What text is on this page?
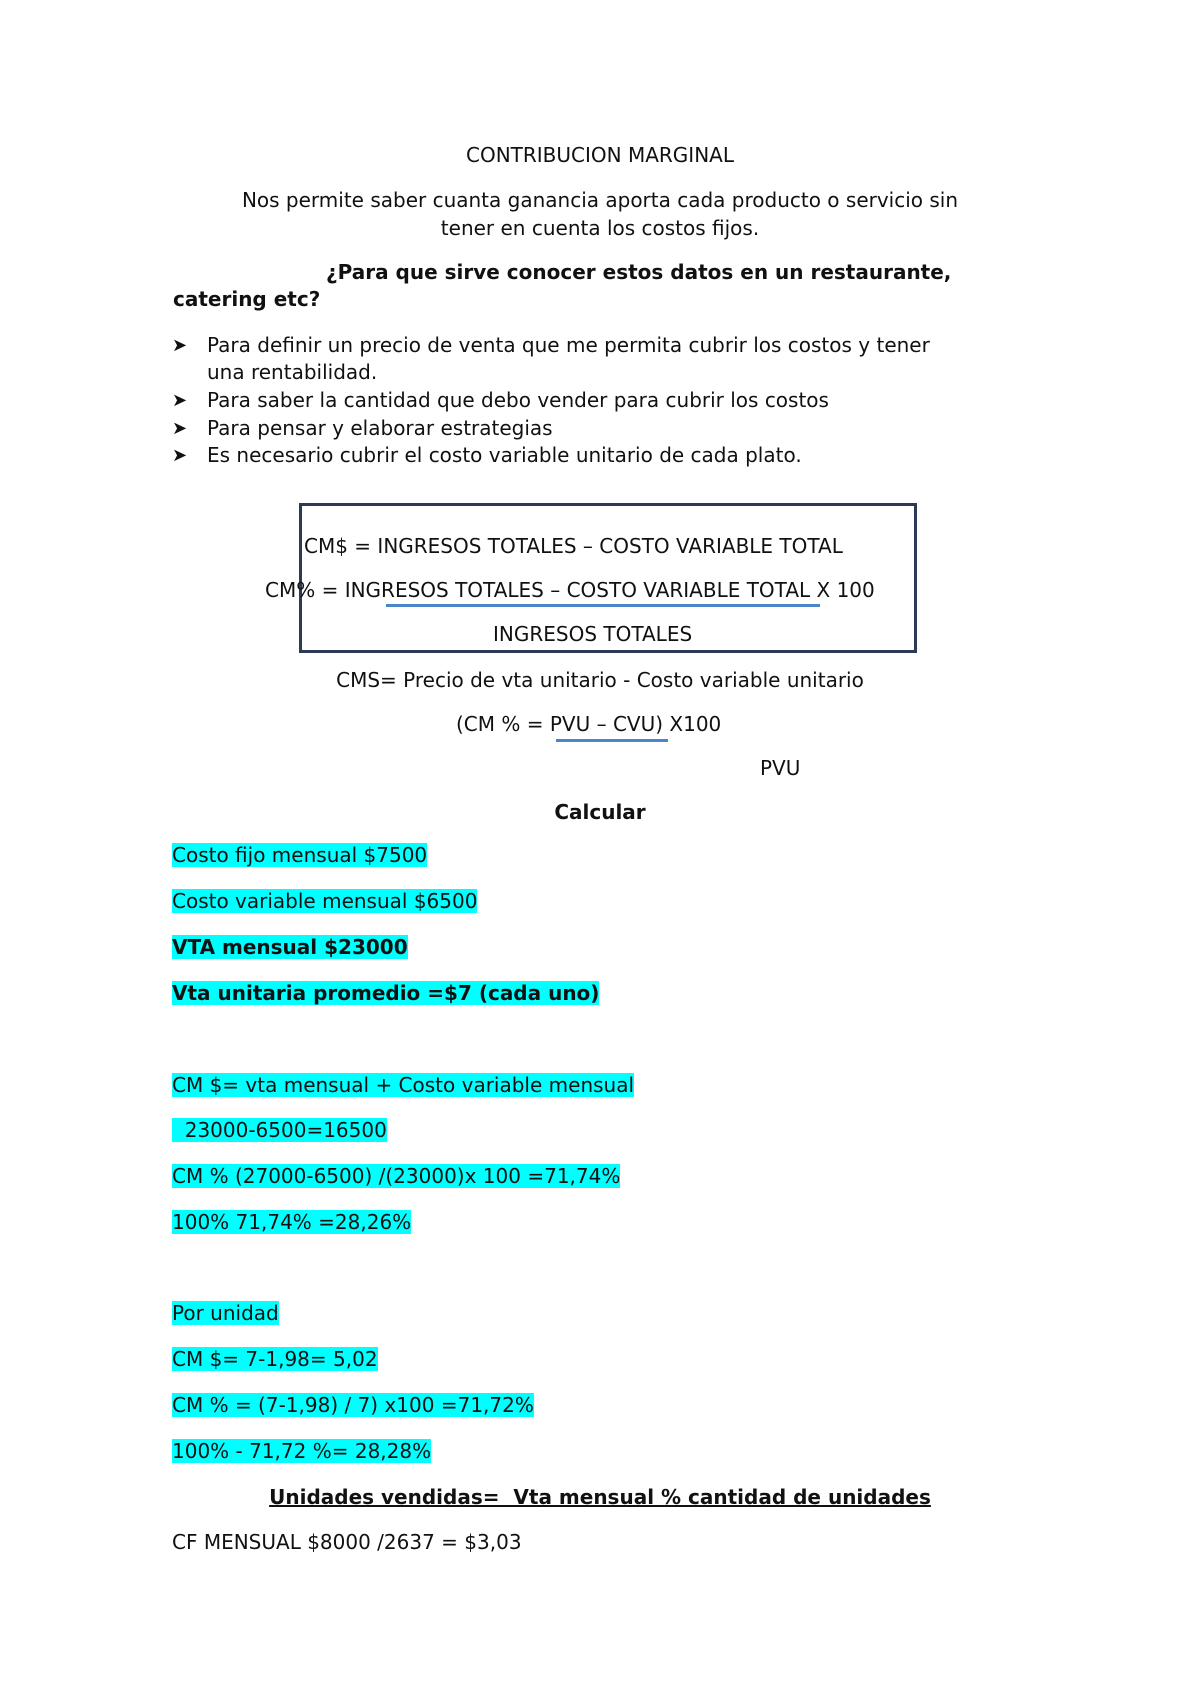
CONTRIBUCION MARGINAL
Nos permite saber cuanta ganancia aporta cada producto o servicio sin
tener en cuenta los costos fijos.
¿Para que sirve conocer estos datos en un restaurante,
catering etc?
➤ Para definir un precio de venta que me permita cubrir los costos y tener
una rentabilidad.
➤ Para saber la cantidad que debo vender para cubrir los costos
➤ Para pensar y elaborar estrategias
➤ Es necesario cubrir el costo variable unitario de cada plato.
CM$ = INGRESOS TOTALES – COSTO VARIABLE TOTAL
CM% = INGRESOS TOTALES – COSTO VARIABLE TOTAL X 100
INGRESOS TOTALES
CMS= Precio de vta unitario - Costo variable unitario
(CM % = PVU – CVU) X100
PVU
Calcular
Costo fijo mensual $7500
Costo variable mensual $6500
VTA mensual $23000
Vta unitaria promedio =$7 (cada uno)
CM $= vta mensual + Costo variable mensual
23000-6500=16500
CM % (27000-6500) /(23000)x 100 =71,74%
100% 71,74% =28,26%
Por unidad
CM $= 7-1,98= 5,02
CM % = (7-1,98) / 7) x100 =71,72%
100% - 71,72 %= 28,28%
Unidades vendidas=  Vta mensual % cantidad de unidades
CF MENSUAL $8000 /2637 = $3,03
